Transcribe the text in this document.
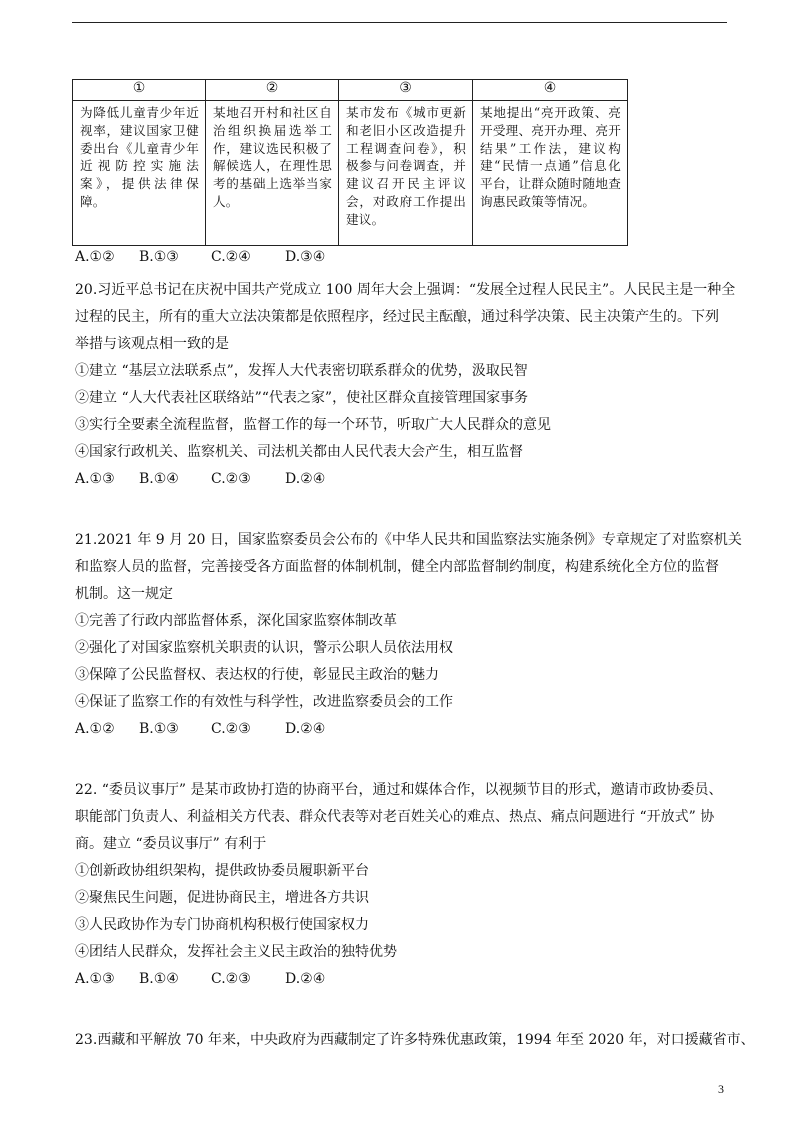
①	②	③	④
为降低儿童青少年近视率，建议国家卫健委出台《儿童青少年近视防控实施法案》，提供法律保障。	某地召开村和社区自治组织换届选举工作，建议选民积极了解候选人，在理性思考的基础上选举当家人。	某市发布《城市更新和老旧小区改造提升工程调查问卷》，积极参与问卷调查，并建议召开民主评议会，对政府工作提出建议。	某地提出“亮开政策、亮开受理、亮开办理、亮开结果”工作法，建议构建“民情一点通”信息化平台，让群众随时随地查询惠民政策等情况。
A.①②	B.①③	C.②④	D.③④
20.习近平总书记在庆祝中国共产党成立 100 周年大会上强调：“发展全过程人民民主”。人民民主是一种全
过程的民主，所有的重大立法决策都是依照程序，经过民主酝酿，通过科学决策、民主决策产生的。下列
举措与该观点相一致的是
①建立 “基层立法联系点”，发挥人大代表密切联系群众的优势，汲取民智
②建立 “人大代表社区联络站”“代表之家”，使社区群众直接管理国家事务
③实行全要素全流程监督，监督工作的每一个环节，听取广大人民群众的意见
④国家行政机关、监察机关、司法机关都由人民代表大会产生，相互监督
A.①③	B.①④	C.②③	D.②④
21.2021 年 9 月 20 日，国家监察委员会公布的《中华人民共和国监察法实施条例》专章规定了对监察机关
和监察人员的监督，完善接受各方面监督的体制机制，健全内部监督制约制度，构建系统化全方位的监督
机制。这一规定
①完善了行政内部监督体系，深化国家监察体制改革
②强化了对国家监察机关职责的认识，警示公职人员依法用权
③保障了公民监督权、表达权的行使，彰显民主政治的魅力
④保证了监察工作的有效性与科学性，改进监察委员会的工作
A.①②	B.①③	C.②③	D.②④
22. “委员议事厅” 是某市政协打造的协商平台，通过和媒体合作，以视频节目的形式，邀请市政协委员、
职能部门负责人、利益相关方代表、群众代表等对老百姓关心的难点、热点、痛点问题进行 “开放式” 协
商。建立 “委员议事厅” 有利于
①创新政协组织架构，提供政协委员履职新平台
②聚焦民生问题，促进协商民主，增进各方共识
③人民政协作为专门协商机构积极行使国家权力
④团结人民群众，发挥社会主义民主政治的独特优势
A.①③	B.①④	C.②③	D.②④
23.西藏和平解放 70 年来，中央政府为西藏制定了许多特殊优惠政策，1994 年至 2020 年，对口援藏省市、
3
